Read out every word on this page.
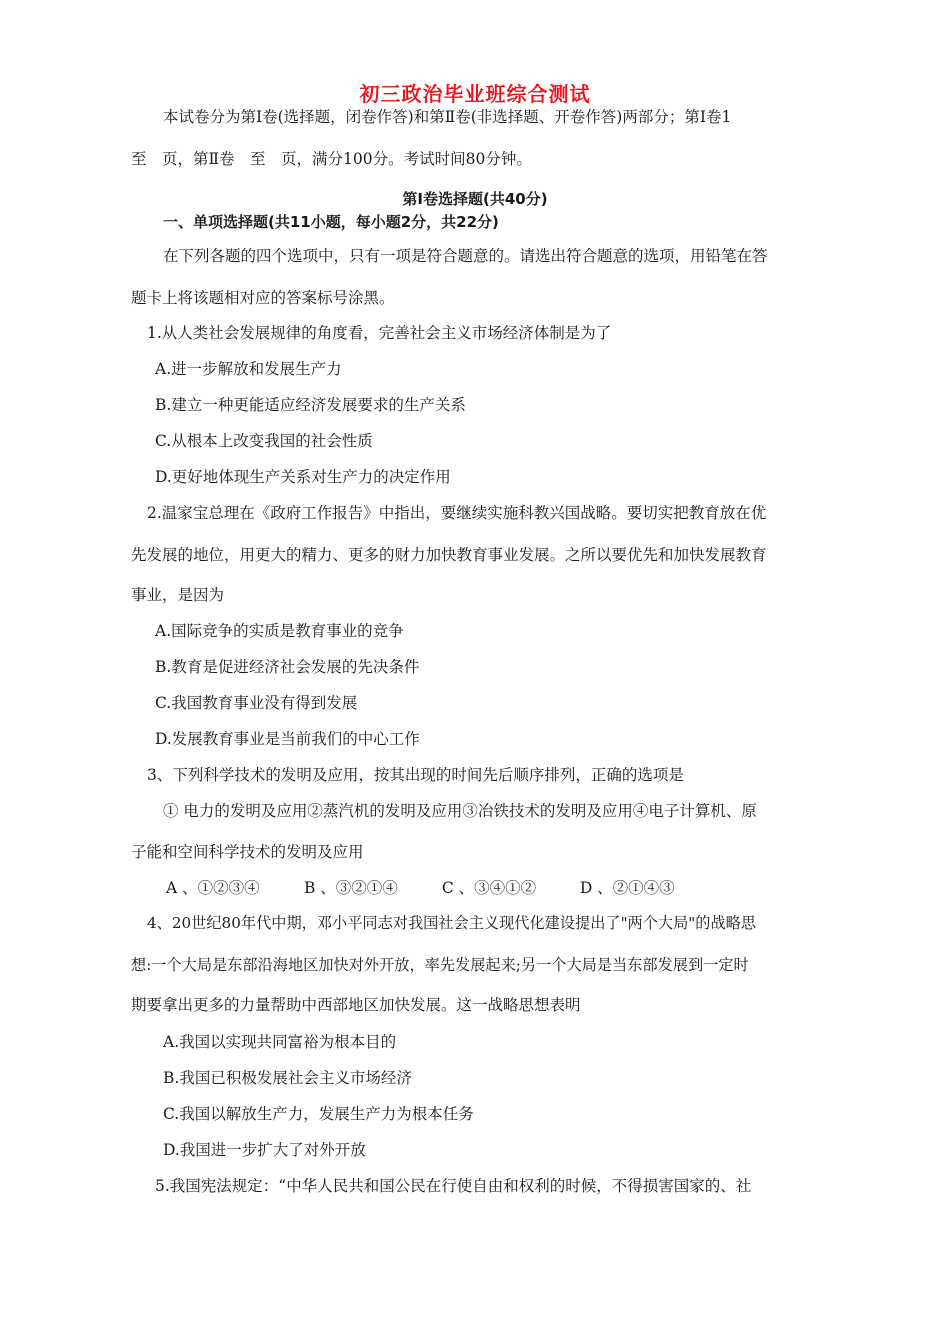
初三政治毕业班综合测试
本试卷分为第Ⅰ卷(选择题，闭卷作答)和第Ⅱ卷(非选择题、开卷作答)两部分；第Ⅰ卷1
至　页，第Ⅱ卷　至　页，满分100分。考试时间80分钟。
第Ⅰ卷选择题(共40分)
一、单项选择题(共11小题，每小题2分，共22分)
在下列各题的四个选项中，只有一项是符合题意的。请选出符合题意的选项，用铅笔在答
题卡上将该题相对应的答案标号涂黑。
1.从人类社会发展规律的角度看，完善社会主义市场经济体制是为了
A.进一步解放和发展生产力
B.建立一种更能适应经济发展要求的生产关系
C.从根本上改变我国的社会性质
D.更好地体现生产关系对生产力的决定作用
2.温家宝总理在《政府工作报告》中指出，要继续实施科教兴国战略。要切实把教育放在优
先发展的地位，用更大的精力、更多的财力加快教育事业发展。之所以要优先和加快发展教育
事业，是因为
A.国际竞争的实质是教育事业的竞争
B.教育是促进经济社会发展的先决条件
C.我国教育事业没有得到发展
D.发展教育事业是当前我们的中心工作
3、下列科学技术的发明及应用，按其出现的时间先后顺序排列，正确的选项是
① 电力的发明及应用②蒸汽机的发明及应用③冶铁技术的发明及应用④电子计算机、原
子能和空间科学技术的发明及应用
A 、①②③④	B 、③②①④	C 、③④①②	D 、②①④③
4、20世纪80年代中期，邓小平同志对我国社会主义现代化建设提出了"两个大局"的战略思
想:一个大局是东部沿海地区加快对外开放，率先发展起来;另一个大局是当东部发展到一定时
期要拿出更多的力量帮助中西部地区加快发展。这一战略思想表明
A.我国以实现共同富裕为根本目的
B.我国已积极发展社会主义市场经济
C.我国以解放生产力，发展生产力为根本任务
D.我国进一步扩大了对外开放
5.我国宪法规定：“中华人民共和国公民在行使自由和权利的时候，不得损害国家的、社
